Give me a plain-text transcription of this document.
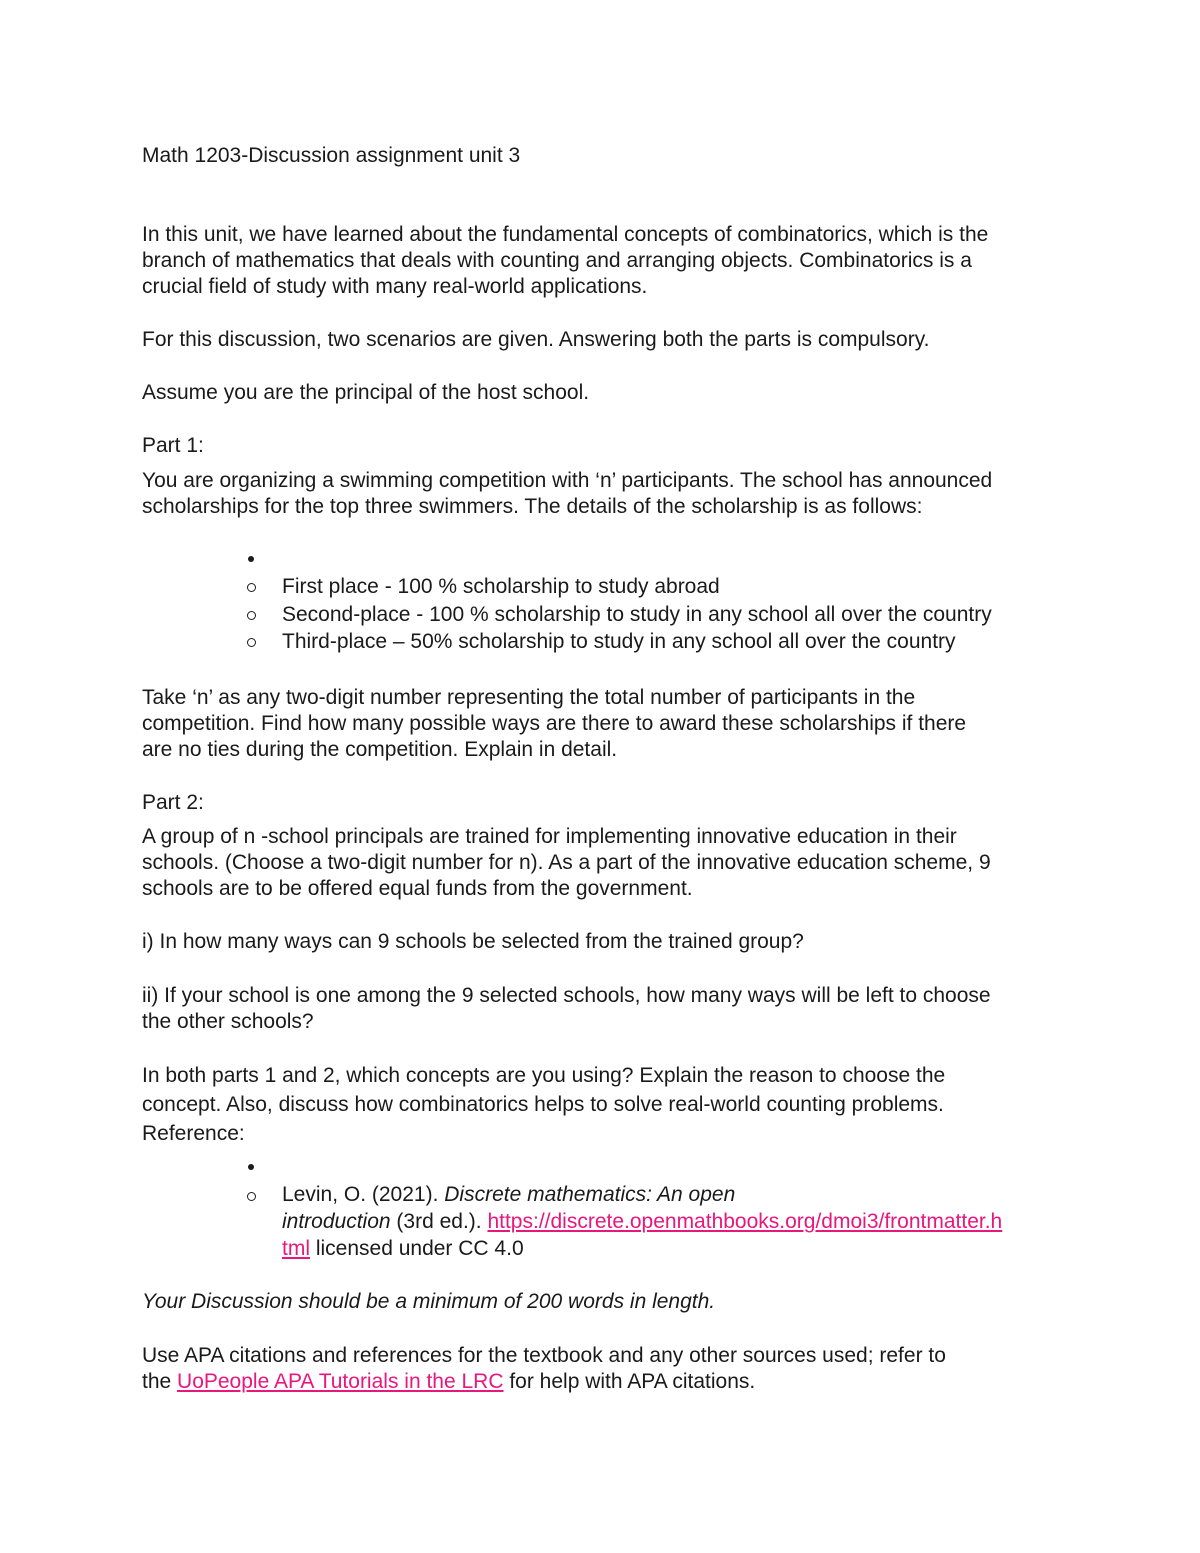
Math 1203-Discussion assignment unit 3
In this unit, we have learned about the fundamental concepts of combinatorics, which is the
branch of mathematics that deals with counting and arranging objects. Combinatorics is a
crucial field of study with many real-world applications.
For this discussion, two scenarios are given. Answering both the parts is compulsory.
Assume you are the principal of the host school.
Part 1:
You are organizing a swimming competition with ‘n’ participants. The school has announced
scholarships for the top three swimmers. The details of the scholarship is as follows:
First place - 100 % scholarship to study abroad
Second-place - 100 % scholarship to study in any school all over the country
Third-place – 50% scholarship to study in any school all over the country
Take ‘n’ as any two-digit number representing the total number of participants in the
competition. Find how many possible ways are there to award these scholarships if there
are no ties during the competition. Explain in detail.
Part 2:
A group of n -school principals are trained for implementing innovative education in their
schools. (Choose a two-digit number for n). As a part of the innovative education scheme, 9
schools are to be offered equal funds from the government.
i) In how many ways can 9 schools be selected from the trained group?
ii) If your school is one among the 9 selected schools, how many ways will be left to choose
the other schools?
In both parts 1 and 2, which concepts are you using? Explain the reason to choose the
concept. Also, discuss how combinatorics helps to solve real-world counting problems.
Reference:
Levin, O. (2021). Discrete mathematics: An open
introduction (3rd ed.). https://discrete.openmathbooks.org/dmoi3/frontmatter.h
tml licensed under CC 4.0
Your Discussion should be a minimum of 200 words in length.
Use APA citations and references for the textbook and any other sources used; refer to
the UoPeople APA Tutorials in the LRC for help with APA citations.
